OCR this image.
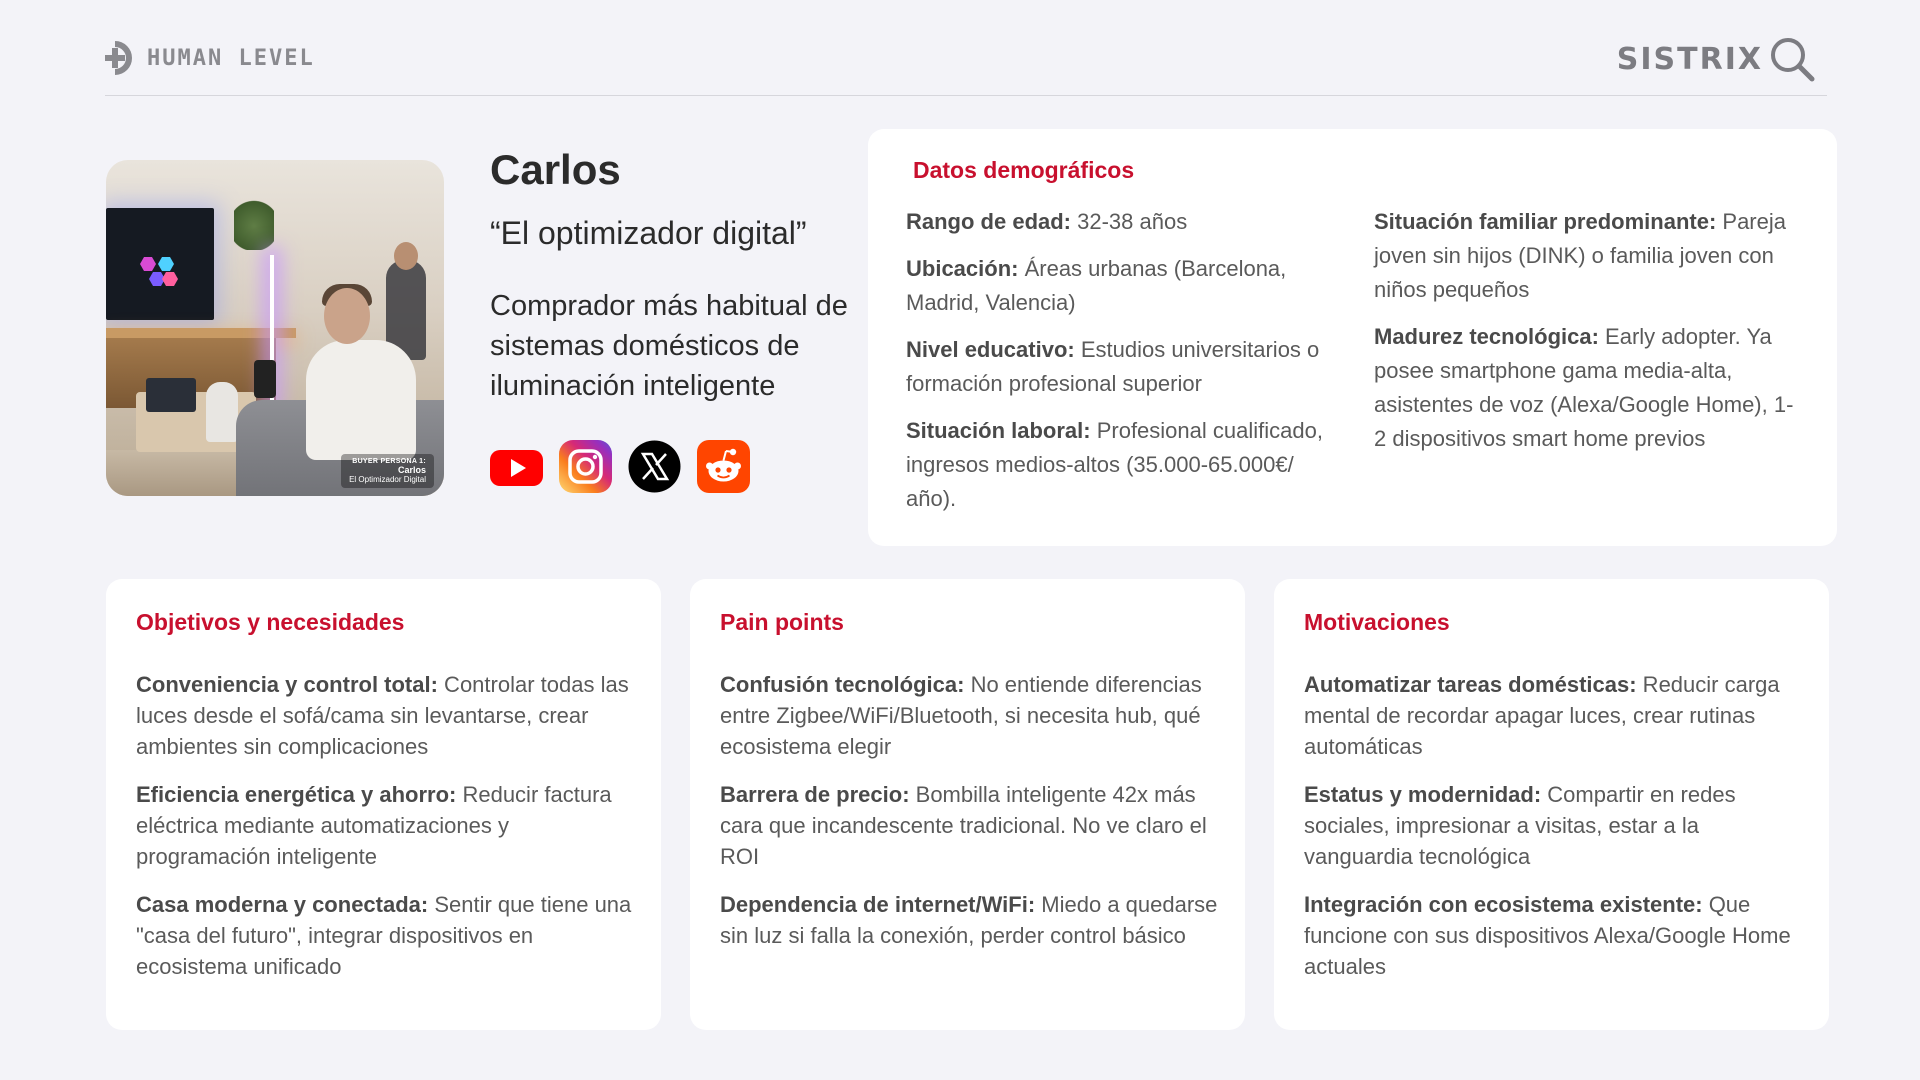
HUMAN LEVEL	SISTRIX
BUYER PERSONA 1:
Carlos
El Optimizador Digital
Carlos
“El optimizador digital”
Comprador más habitual de sistemas domésticos de iluminación inteligente
Datos demográficos
Rango de edad: 32-38 años
Ubicación: Áreas urbanas (Barcelona, Madrid, Valencia)
Nivel educativo: Estudios universitarios o formación profesional superior
Situación laboral: Profesional cualificado, ingresos medios-altos (35.000-65.000€/ año).
Situación familiar predominante: Pareja joven sin hijos (DINK) o familia joven con niños pequeños
Madurez tecnológica: Early adopter. Ya posee smartphone gama media-alta, asistentes de voz (Alexa/Google Home), 1-2 dispositivos smart home previos
Objetivos y necesidades
Conveniencia y control total: Controlar todas las luces desde el sofá/cama sin levantarse, crear ambientes sin complicaciones
Eficiencia energética y ahorro: Reducir factura eléctrica mediante automatizaciones y programación inteligente
Casa moderna y conectada: Sentir que tiene una "casa del futuro", integrar dispositivos en ecosistema unificado
Pain points
Confusión tecnológica: No entiende diferencias entre Zigbee/WiFi/Bluetooth, si necesita hub, qué ecosistema elegir
Barrera de precio: Bombilla inteligente 42x más cara que incandescente tradicional. No ve claro el ROI
Dependencia de internet/WiFi: Miedo a quedarse sin luz si falla la conexión, perder control básico
Motivaciones
Automatizar tareas domésticas: Reducir carga mental de recordar apagar luces, crear rutinas automáticas
Estatus y modernidad: Compartir en redes sociales, impresionar a visitas, estar a la vanguardia tecnológica
Integración con ecosistema existente: Que funcione con sus dispositivos Alexa/Google Home actuales
